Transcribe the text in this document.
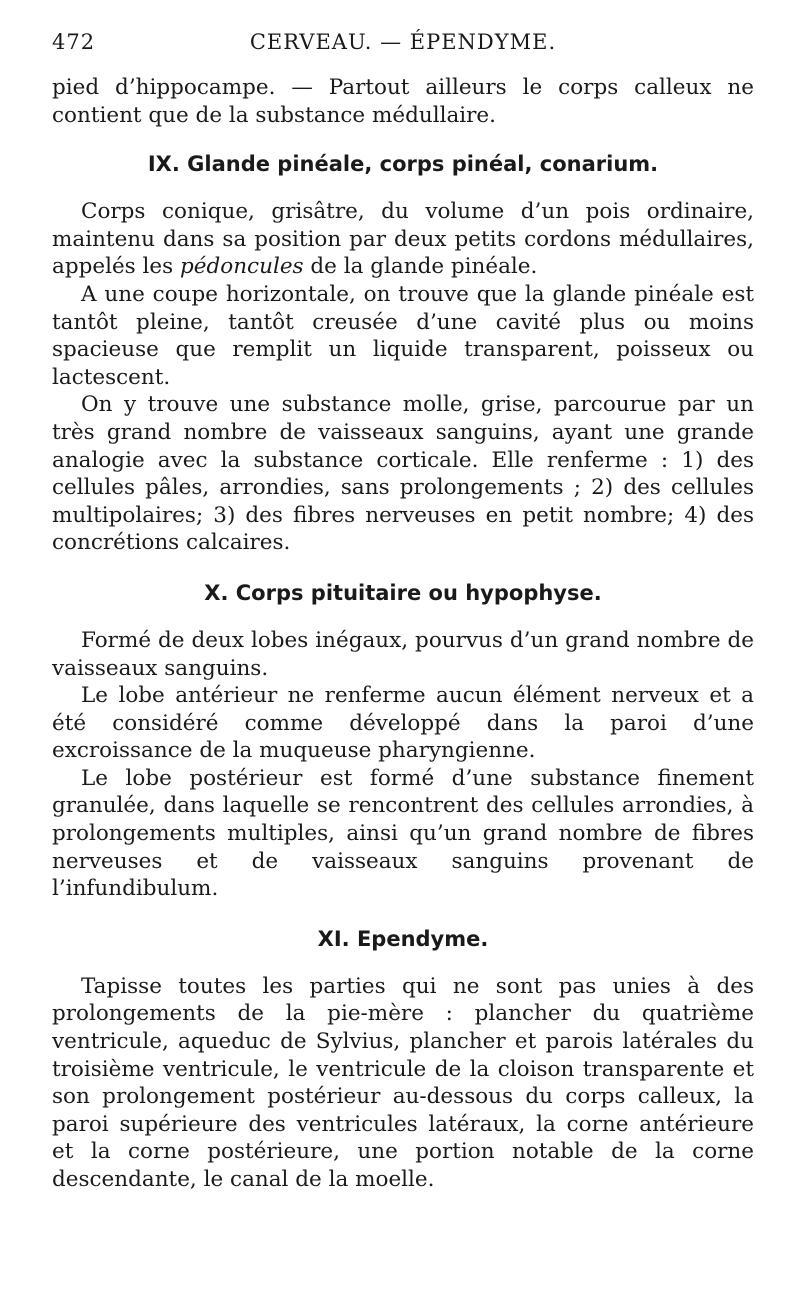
472	CERVEAU. — ÉPENDYME.

pied d’hippocampe. — Partout ailleurs le corps calleux ne contient que de la substance médullaire.

IX. Glande pinéale, corps pinéal, conarium.

Corps conique, grisâtre, du volume d’un pois ordinaire, maintenu dans sa position par deux petits cordons médullaires, appelés les pédoncules de la glande pinéale.

A une coupe horizontale, on trouve que la glande pinéale est tantôt pleine, tantôt creusée d’une cavité plus ou moins spacieuse que remplit un liquide transparent, poisseux ou lactescent.

On y trouve une substance molle, grise, parcourue par un très grand nombre de vaisseaux sanguins, ayant une grande analogie avec la substance corticale. Elle renferme : 1) des cellules pâles, arrondies, sans prolongements ; 2) des cellules multipolaires; 3) des fibres nerveuses en petit nombre; 4) des concrétions calcaires.

X. Corps pituitaire ou hypophyse.

Formé de deux lobes inégaux, pourvus d’un grand nombre de vaisseaux sanguins.

Le lobe antérieur ne renferme aucun élément nerveux et a été considéré comme développé dans la paroi d’une excroissance de la muqueuse pharyngienne.

Le lobe postérieur est formé d’une substance finement granulée, dans laquelle se rencontrent des cellules arrondies, à prolongements multiples, ainsi qu’un grand nombre de fibres nerveuses et de vaisseaux sanguins provenant de l’infundibulum.

XI. Ependyme.

Tapisse toutes les parties qui ne sont pas unies à des prolongements de la pie-mère : plancher du quatrième ventricule, aqueduc de Sylvius, plancher et parois latérales du troisième ventricule, le ventricule de la cloison transparente et son prolongement postérieur au-dessous du corps calleux, la paroi supérieure des ventricules latéraux, la corne antérieure et la corne postérieure, une portion notable de la corne descendante, le canal de la moelle.
